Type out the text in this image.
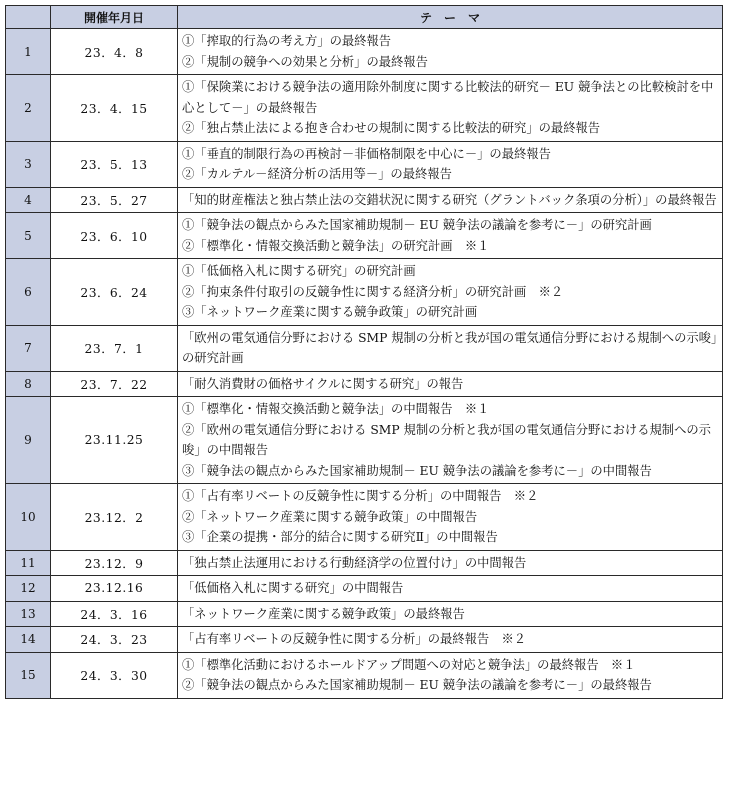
	開催年月日	テ　ー　マ
1	23．4．8	①「搾取的行為の考え方」の最終報告
②「規制の競争への効果と分析」の最終報告

2	23．4．15	①「保険業における競争法の適用除外制度に関する比較法的研究－ EU 競争法との比較検討を中心として－」の最終報告
②「独占禁止法による抱き合わせの規制に関する比較法的研究」の最終報告

3	23．5．13	①「垂直的制限行為の再検討－非価格制限を中心に－」の最終報告
②「カルテル－経済分析の活用等－」の最終報告

4	23．5．27	「知的財産権法と独占禁止法の交錯状況に関する研究（グラントバック条項の分析）」の最終報告

5	23．6．10	①「競争法の観点からみた国家補助規制－ EU 競争法の議論を参考に－」の研究計画
②「標準化・情報交換活動と競争法」の研究計画　※１

6	23．6．24	①「低価格入札に関する研究」の研究計画
②「拘束条件付取引の反競争性に関する経済分析」の研究計画　※２
③「ネットワーク産業に関する競争政策」の研究計画

7	23．7．1	「欧州の電気通信分野における SMP 規制の分析と我が国の電気通信分野における規制への示唆」の研究計画

8	23．7．22	「耐久消費財の価格サイクルに関する研究」の報告

9	23.11.25	①「標準化・情報交換活動と競争法」の中間報告　※１
②「欧州の電気通信分野における SMP 規制の分析と我が国の電気通信分野における規制への示唆」の中間報告
③「競争法の観点からみた国家補助規制－ EU 競争法の議論を参考に－」の中間報告

10	23.12．2	①「占有率リベートの反競争性に関する分析」の中間報告　※２
②「ネットワーク産業に関する競争政策」の中間報告
③「企業の提携・部分的結合に関する研究Ⅱ」の中間報告

11	23.12．9	「独占禁止法運用における行動経済学の位置付け」の中間報告

12	23.12.16	「低価格入札に関する研究」の中間報告

13	24．3．16	「ネットワーク産業に関する競争政策」の最終報告

14	24．3．23	「占有率リベートの反競争性に関する分析」の最終報告　※２

15	24．3．30	①「標準化活動におけるホールドアップ問題への対応と競争法」の最終報告　※１
②「競争法の観点からみた国家補助規制－ EU 競争法の議論を参考に－」の最終報告
